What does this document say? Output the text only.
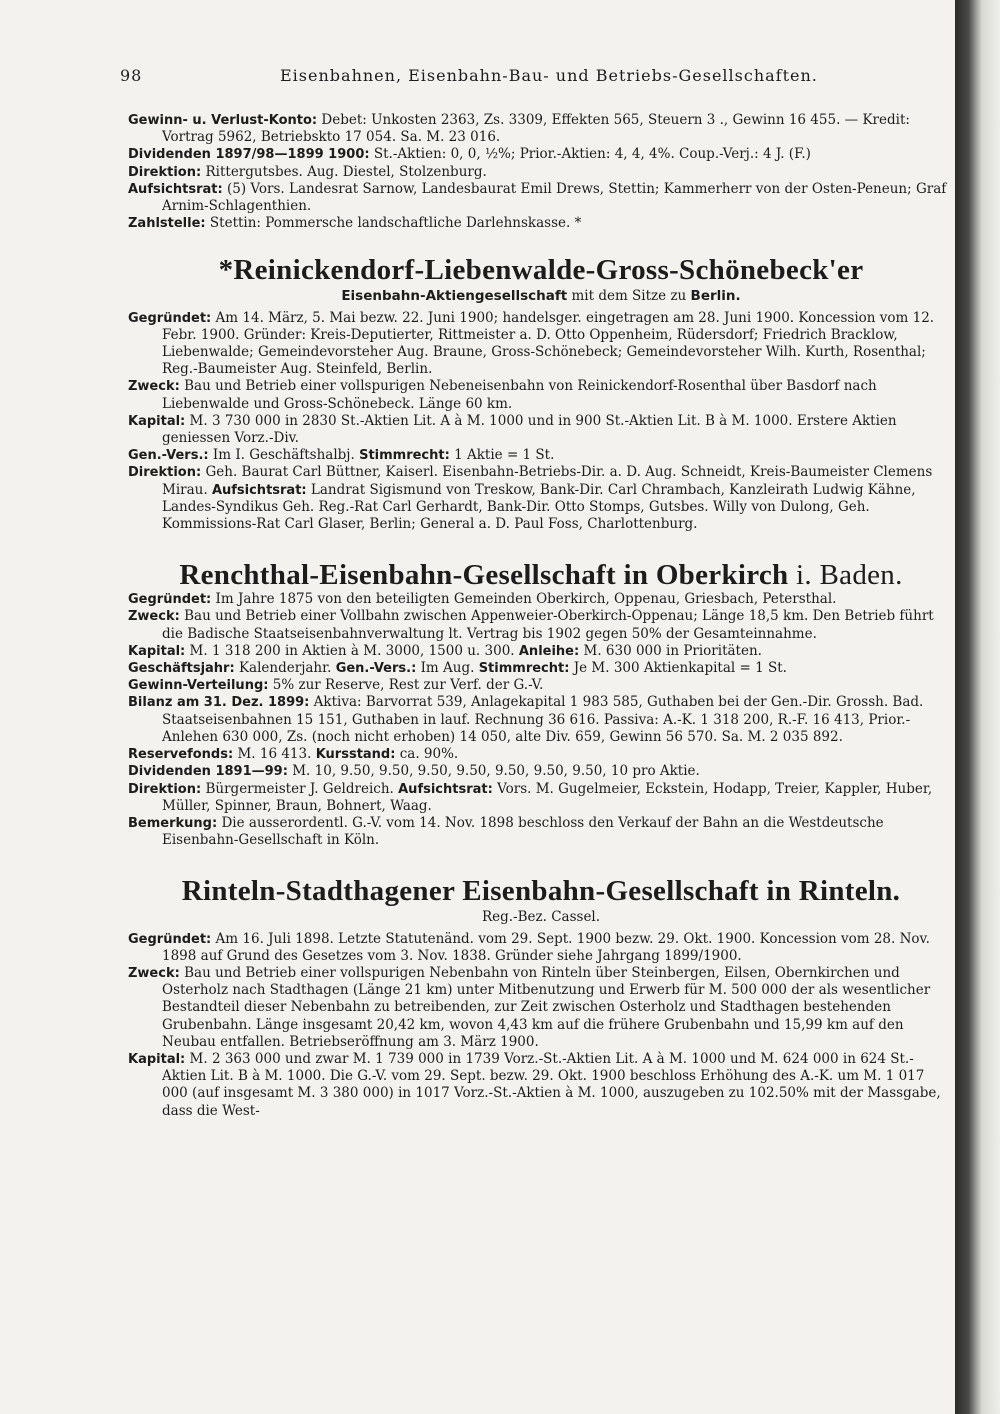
98	Eisenbahnen, Eisenbahn-Bau- und Betriebs-Gesellschaften.

Gewinn- u. Verlust-Konto: Debet: Unkosten 2363, Zs. 3309, Effekten 565, Steuern 3 ., Gewinn 16 455. — Kredit: Vortrag 5962, Betriebskto 17 054. Sa. M. 23 016.

Dividenden 1897/98—1899 1900: St.-Aktien: 0, 0, ½%; Prior.-Aktien: 4, 4, 4%. Coup.-Verj.: 4 J. (F.)

Direktion: Rittergutsbes. Aug. Diestel, Stolzenburg.

Aufsichtsrat: (5) Vors. Landesrat Sarnow, Landesbaurat Emil Drews, Stettin; Kammerherr von der Osten-Peneun; Graf Arnim-Schlagenthien.

Zahlstelle: Stettin: Pommersche landschaftliche Darlehnskasse. *

*Reinickendorf-Liebenwalde-Gross-Schönebeck'er
Eisenbahn-Aktiengesellschaft mit dem Sitze zu Berlin.

Gegründet: Am 14. März, 5. Mai bezw. 22. Juni 1900; handelsger. eingetragen am 28. Juni 1900. Koncession vom 12. Febr. 1900. Gründer: Kreis-Deputierter, Rittmeister a. D. Otto Oppenheim, Rüdersdorf; Friedrich Bracklow, Liebenwalde; Gemeindevorsteher Aug. Braune, Gross-Schönebeck; Gemeindevorsteher Wilh. Kurth, Rosenthal; Reg.-Baumeister Aug. Steinfeld, Berlin.

Zweck: Bau und Betrieb einer vollspurigen Nebeneisenbahn von Reinickendorf-Rosenthal über Basdorf nach Liebenwalde und Gross-Schönebeck. Länge 60 km.

Kapital: M. 3 730 000 in 2830 St.-Aktien Lit. A à M. 1000 und in 900 St.-Aktien Lit. B à M. 1000. Erstere Aktien geniessen Vorz.-Div.

Gen.-Vers.: Im I. Geschäftshalbj. Stimmrecht: 1 Aktie = 1 St.

Direktion: Geh. Baurat Carl Büttner, Kaiserl. Eisenbahn-Betriebs-Dir. a. D. Aug. Schneidt, Kreis-Baumeister Clemens Mirau. Aufsichtsrat: Landrat Sigismund von Treskow, Bank-Dir. Carl Chrambach, Kanzleirath Ludwig Kähne, Landes-Syndikus Geh. Reg.-Rat Carl Gerhardt, Bank-Dir. Otto Stomps, Gutsbes. Willy von Dulong, Geh. Kommissions-Rat Carl Glaser, Berlin; General a. D. Paul Foss, Charlottenburg.

Renchthal-Eisenbahn-Gesellschaft in Oberkirch i. Baden.

Gegründet: Im Jahre 1875 von den beteiligten Gemeinden Oberkirch, Oppenau, Griesbach, Petersthal.

Zweck: Bau und Betrieb einer Vollbahn zwischen Appenweier-Oberkirch-Oppenau; Länge 18,5 km. Den Betrieb führt die Badische Staatseisenbahnverwaltung lt. Vertrag bis 1902 gegen 50% der Gesamteinnahme.

Kapital: M. 1 318 200 in Aktien à M. 3000, 1500 u. 300. Anleihe: M. 630 000 in Prioritäten.

Geschäftsjahr: Kalenderjahr. Gen.-Vers.: Im Aug. Stimmrecht: Je M. 300 Aktienkapital = 1 St.

Gewinn-Verteilung: 5% zur Reserve, Rest zur Verf. der G.-V.

Bilanz am 31. Dez. 1899: Aktiva: Barvorrat 539, Anlagekapital 1 983 585, Guthaben bei der Gen.-Dir. Grossh. Bad. Staatseisenbahnen 15 151, Guthaben in lauf. Rechnung 36 616. Passiva: A.-K. 1 318 200, R.-F. 16 413, Prior.-Anlehen 630 000, Zs. (noch nicht erhoben) 14 050, alte Div. 659, Gewinn 56 570. Sa. M. 2 035 892.

Reservefonds: M. 16 413. Kursstand: ca. 90%.

Dividenden 1891—99: M. 10, 9.50, 9.50, 9.50, 9.50, 9.50, 9.50, 9.50, 10 pro Aktie.

Direktion: Bürgermeister J. Geldreich. Aufsichtsrat: Vors. M. Gugelmeier, Eckstein, Hodapp, Treier, Kappler, Huber, Müller, Spinner, Braun, Bohnert, Waag.

Bemerkung: Die ausserordentl. G.-V. vom 14. Nov. 1898 beschloss den Verkauf der Bahn an die Westdeutsche Eisenbahn-Gesellschaft in Köln.

Rinteln-Stadthagener Eisenbahn-Gesellschaft in Rinteln.
Reg.-Bez. Cassel.

Gegründet: Am 16. Juli 1898. Letzte Statutenänd. vom 29. Sept. 1900 bezw. 29. Okt. 1900. Koncession vom 28. Nov. 1898 auf Grund des Gesetzes vom 3. Nov. 1838. Gründer siehe Jahrgang 1899/1900.

Zweck: Bau und Betrieb einer vollspurigen Nebenbahn von Rinteln über Steinbergen, Eilsen, Obernkirchen und Osterholz nach Stadthagen (Länge 21 km) unter Mitbenutzung und Erwerb für M. 500 000 der als wesentlicher Bestandteil dieser Nebenbahn zu betreibenden, zur Zeit zwischen Osterholz und Stadthagen bestehenden Grubenbahn. Länge insgesamt 20,42 km, wovon 4,43 km auf die frühere Grubenbahn und 15,99 km auf den Neubau entfallen. Betriebseröffnung am 3. März 1900.

Kapital: M. 2 363 000 und zwar M. 1 739 000 in 1739 Vorz.-St.-Aktien Lit. A à M. 1000 und M. 624 000 in 624 St.-Aktien Lit. B à M. 1000. Die G.-V. vom 29. Sept. bezw. 29. Okt. 1900 beschloss Erhöhung des A.-K. um M. 1 017 000 (auf insgesamt M. 3 380 000) in 1017 Vorz.-St.-Aktien à M. 1000, auszugeben zu 102.50% mit der Massgabe, dass die West-
